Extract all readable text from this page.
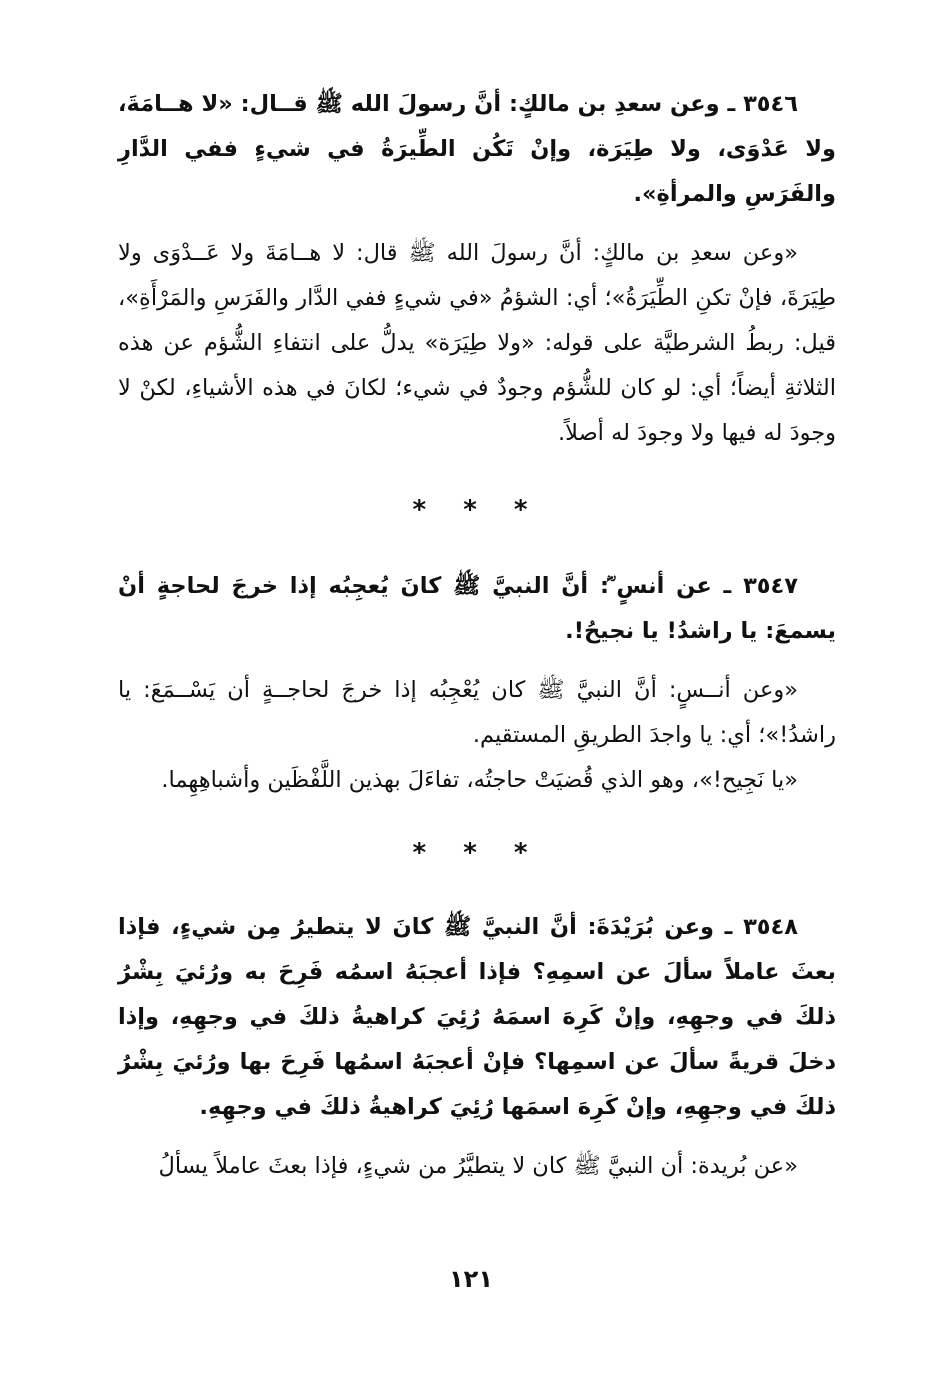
٣٥٤٦ ـ وعن سعدِ بن مالكٍ: أنَّ رسولَ الله ﷺ قــال: «لا هــامَةَ، ولا عَدْوَى، ولا طِيَرَة، وإنْ تَكُن الطِّيرَةُ في شيءٍ ففي الدَّارِ والفَرَسِ والمرأةِ».

«وعن سعدِ بن مالكٍ: أنَّ رسولَ الله ﷺ قال: لا هــامَةَ ولا عَــدْوَى ولا طِيَرَةَ، فإنْ تكنِ الطِّيَرَةُ»؛ أي: الشؤمُ «في شيءٍ ففي الدَّار والفَرَسِ والمَرْأَةِ»، قيل: ربطُ الشرطيَّة على قوله: «ولا طِيَرَة» يدلُّ على انتفاءِ الشُّؤم عن هذه الثلاثةِ أيضاً؛ أي: لو كان للشُّؤم وجودٌ في شيء؛ لكانَ في هذه الأشياءِ، لكنْ لا وجودَ له فيها ولا وجودَ له أصلاً.

* * *

٣٥٤٧ ـ عن أنسٍ ؓ: أنَّ النبيَّ ﷺ كانَ يُعجِبُه إذا خرجَ لحاجةٍ أنْ يسمعَ: يا راشدُ! يا نجيحُ!.

«وعن أنــسٍ: أنَّ النبيَّ ﷺ كان يُعْجِبُه إذا خرجَ لحاجــةٍ أن يَسْــمَعَ: يا راشدُ!»؛ أي: يا واجدَ الطريقِ المستقيم.

«يا نَجِيح!»، وهو الذي قُضيَتْ حاجتُه، تفاءَلَ بهذين اللَّفْظَين وأشباهِهِما.

* * *

٣٥٤٨ ـ وعن بُرَيْدَةَ: أنَّ النبيَّ ﷺ كانَ لا يتطيرُ مِن شيءٍ، فإذا بعثَ عاملاً سألَ عن اسمِهِ؟ فإذا أعجبَهُ اسمُه فَرِحَ به ورُئيَ بِشْرُ ذلكَ في وجهِهِ، وإنْ كَرِهَ اسمَهُ رُئِيَ كراهيةُ ذلكَ في وجهِهِ، وإذا دخلَ قريةً سألَ عن اسمِها؟ فإنْ أعجبَهُ اسمُها فَرِحَ بها ورُئيَ بِشْرُ ذلكَ في وجهِهِ، وإنْ كَرِهَ اسمَها رُئِيَ كراهيةُ ذلكَ في وجهِهِ.

«عن بُريدة: أن النبيَّ ﷺ كان لا يتطيَّرُ من شيءٍ، فإذا بعثَ عاملاً يسألُ

١٢١
